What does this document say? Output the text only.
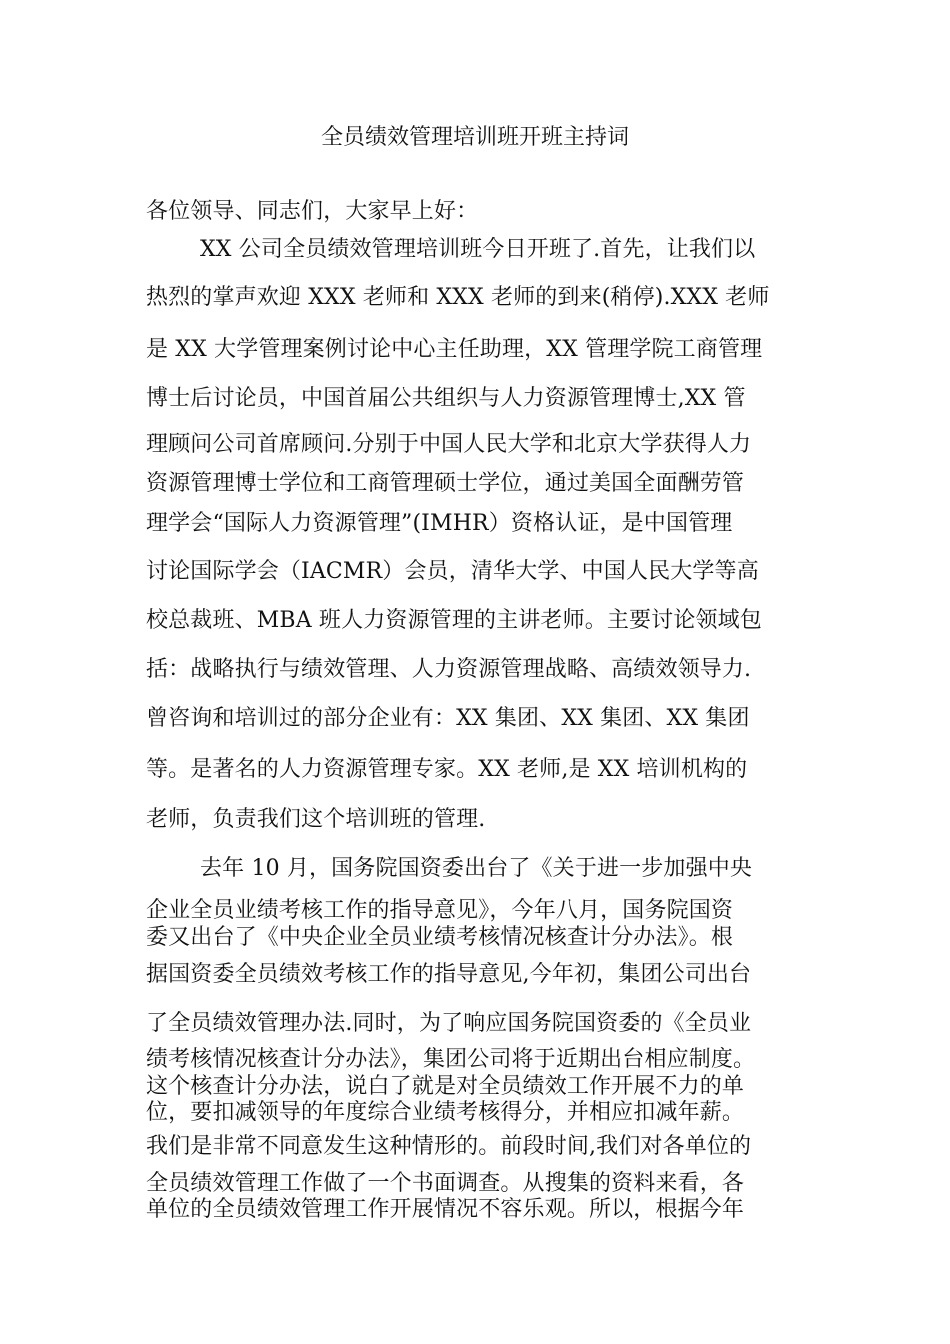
全员绩效管理培训班开班主持词
各位领导、同志们，大家早上好：
XX 公司全员绩效管理培训班今日开班了.首先，让我们以
热烈的掌声欢迎 XXX 老师和 XXX 老师的到来(稍停).XXX 老师
是 XX 大学管理案例讨论中心主任助理，XX 管理学院工商管理
博士后讨论员，中国首届公共组织与人力资源管理博士,XX 管
理顾问公司首席顾问.分别于中国人民大学和北京大学获得人力
资源管理博士学位和工商管理硕士学位，通过美国全面酬劳管
理学会“国际人力资源管理”(IMHR）资格认证，是中国管理
讨论国际学会（IACMR）会员，清华大学、中国人民大学等高
校总裁班、MBA 班人力资源管理的主讲老师。主要讨论领域包
括：战略执行与绩效管理、人力资源管理战略、高绩效领导力.
曾咨询和培训过的部分企业有：XX 集团、XX 集团、XX 集团
等。是著名的人力资源管理专家。XX 老师,是 XX 培训机构的
老师，负责我们这个培训班的管理.
去年 10 月，国务院国资委出台了《关于进一步加强中央
企业全员业绩考核工作的指导意见》，今年八月，国务院国资
委又出台了《中央企业全员业绩考核情况核查计分办法》。根
据国资委全员绩效考核工作的指导意见,今年初，集团公司出台
了全员绩效管理办法.同时，为了响应国务院国资委的《全员业
绩考核情况核查计分办法》，集团公司将于近期出台相应制度。
这个核查计分办法，说白了就是对全员绩效工作开展不力的单
位，要扣减领导的年度综合业绩考核得分，并相应扣减年薪。
我们是非常不同意发生这种情形的。前段时间,我们对各单位的
全员绩效管理工作做了一个书面调查。从搜集的资料来看，各
单位的全员绩效管理工作开展情况不容乐观。所以，根据今年
